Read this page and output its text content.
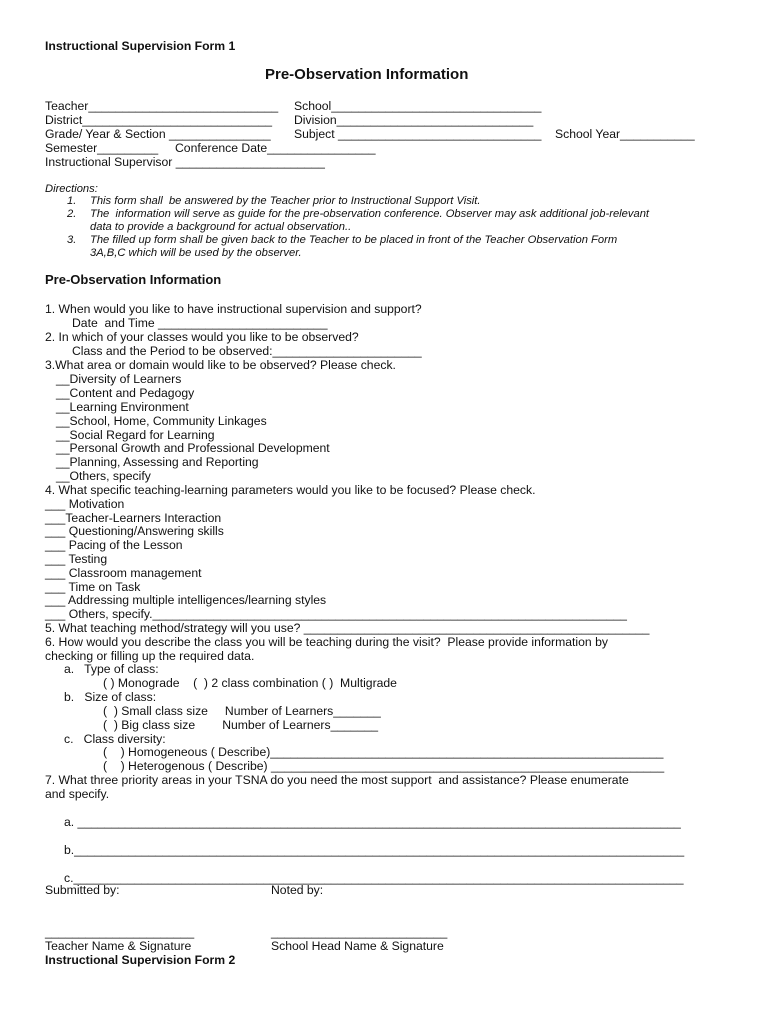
Instructional Supervision Form 1
Pre-Observation Information
Teacher____________________________ School_______________________________
District____________________________ Division_____________________________
Grade/ Year & Section _______________ Subject ______________________________ School Year___________
Semester_________ Conference Date________________
Instructional Supervisor ______________________
Directions:
1. This form shall  be answered by the Teacher prior to Instructional Support Visit.
2. The  information will serve as guide for the pre-observation conference. Observer may ask additional job-relevant
data to provide a background for actual observation..
3. The filled up form shall be given back to the Teacher to be placed in front of the Teacher Observation Form
3A,B,C which will be used by the observer.
Pre-Observation Information
1. When would you like to have instructional supervision and support?
Date  and Time _________________________
2. In which of your classes would you like to be observed?
Class and the Period to be observed:______________________
3.What area or domain would like to be observed? Please check.
__Diversity of Learners
__Content and Pedagogy
__Learning Environment
__School, Home, Community Linkages
__Social Regard for Learning
__Personal Growth and Professional Development
__Planning, Assessing and Reporting
__Others, specify
4. What specific teaching-learning parameters would you like to be focused? Please check.
___ Motivation
___Teacher-Learners Interaction
___ Questioning/Answering skills
___ Pacing of the Lesson
___ Testing
___ Classroom management
___ Time on Task
___ Addressing multiple intelligences/learning styles
___ Others, specify.______________________________________________________________________
5. What teaching method/strategy will you use? ___________________________________________________
6. How would you describe the class you will be teaching during the visit?  Please provide information by
checking or filling up the required data.
a.   Type of class:
( ) Monograde    (  ) 2 class combination ( )  Multigrade
b.   Size of class:
(  ) Small class size     Number of Learners_______
(  ) Big class size        Number of Learners_______
c.   Class diversity:
(    ) Homogeneous ( Describe)__________________________________________________________
(    ) Heterogenous ( Describe) __________________________________________________________
7. What three priority areas in your TSNA do you need the most support  and assistance? Please enumerate
and specify.
a. _________________________________________________________________________________________
b.__________________________________________________________________________________________
c.__________________________________________________________________________________________
Submitted by:	Noted by:
______________________	__________________________
Teacher Name & Signature	School Head Name & Signature
Instructional Supervision Form 2
